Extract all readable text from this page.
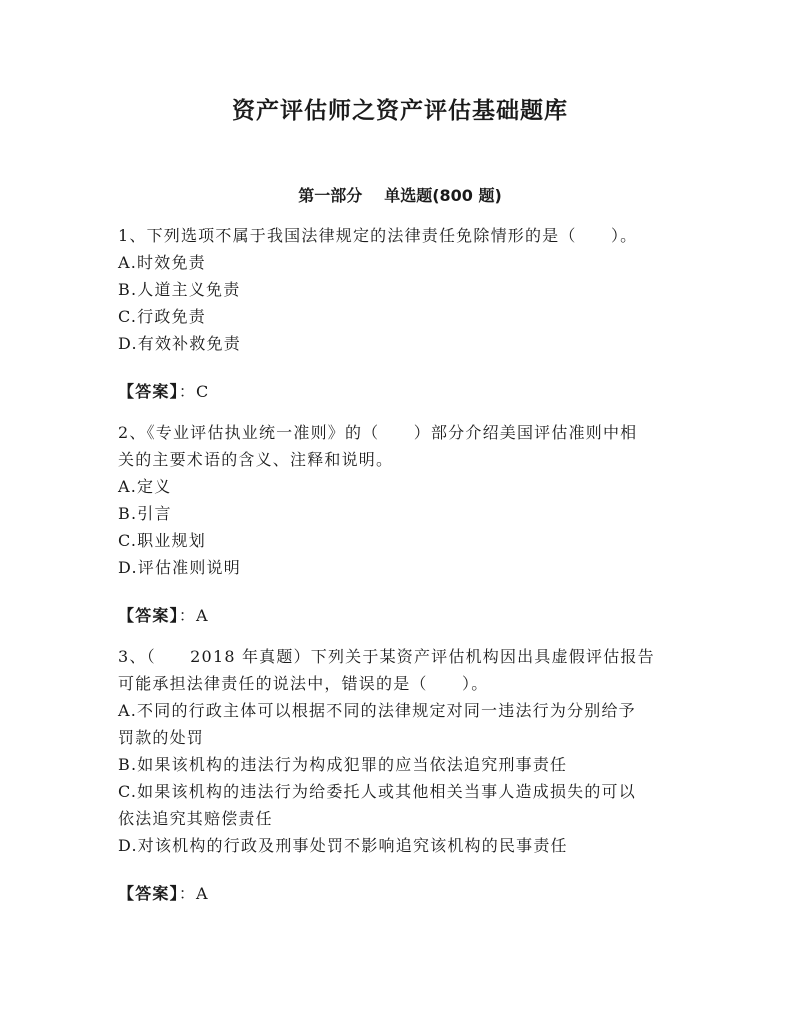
资产评估师之资产评估基础题库
第一部分 单选题(800 题)
1、下列选项不属于我国法律规定的法律责任免除情形的是（　　）。
A.时效免责
B.人道主义免责
C.行政免责
D.有效补救免责
【答案】：C
2、《专业评估执业统一准则》的（　　）部分介绍美国评估准则中相
关的主要术语的含义、注释和说明。
A.定义
B.引言
C.职业规划
D.评估准则说明
【答案】：A
3、（　　2018 年真题）下列关于某资产评估机构因出具虚假评估报告
可能承担法律责任的说法中，错误的是（　　）。
A.不同的行政主体可以根据不同的法律规定对同一违法行为分别给予
罚款的处罚
B.如果该机构的违法行为构成犯罪的应当依法追究刑事责任
C.如果该机构的违法行为给委托人或其他相关当事人造成损失的可以
依法追究其赔偿责任
D.对该机构的行政及刑事处罚不影响追究该机构的民事责任
【答案】：A
